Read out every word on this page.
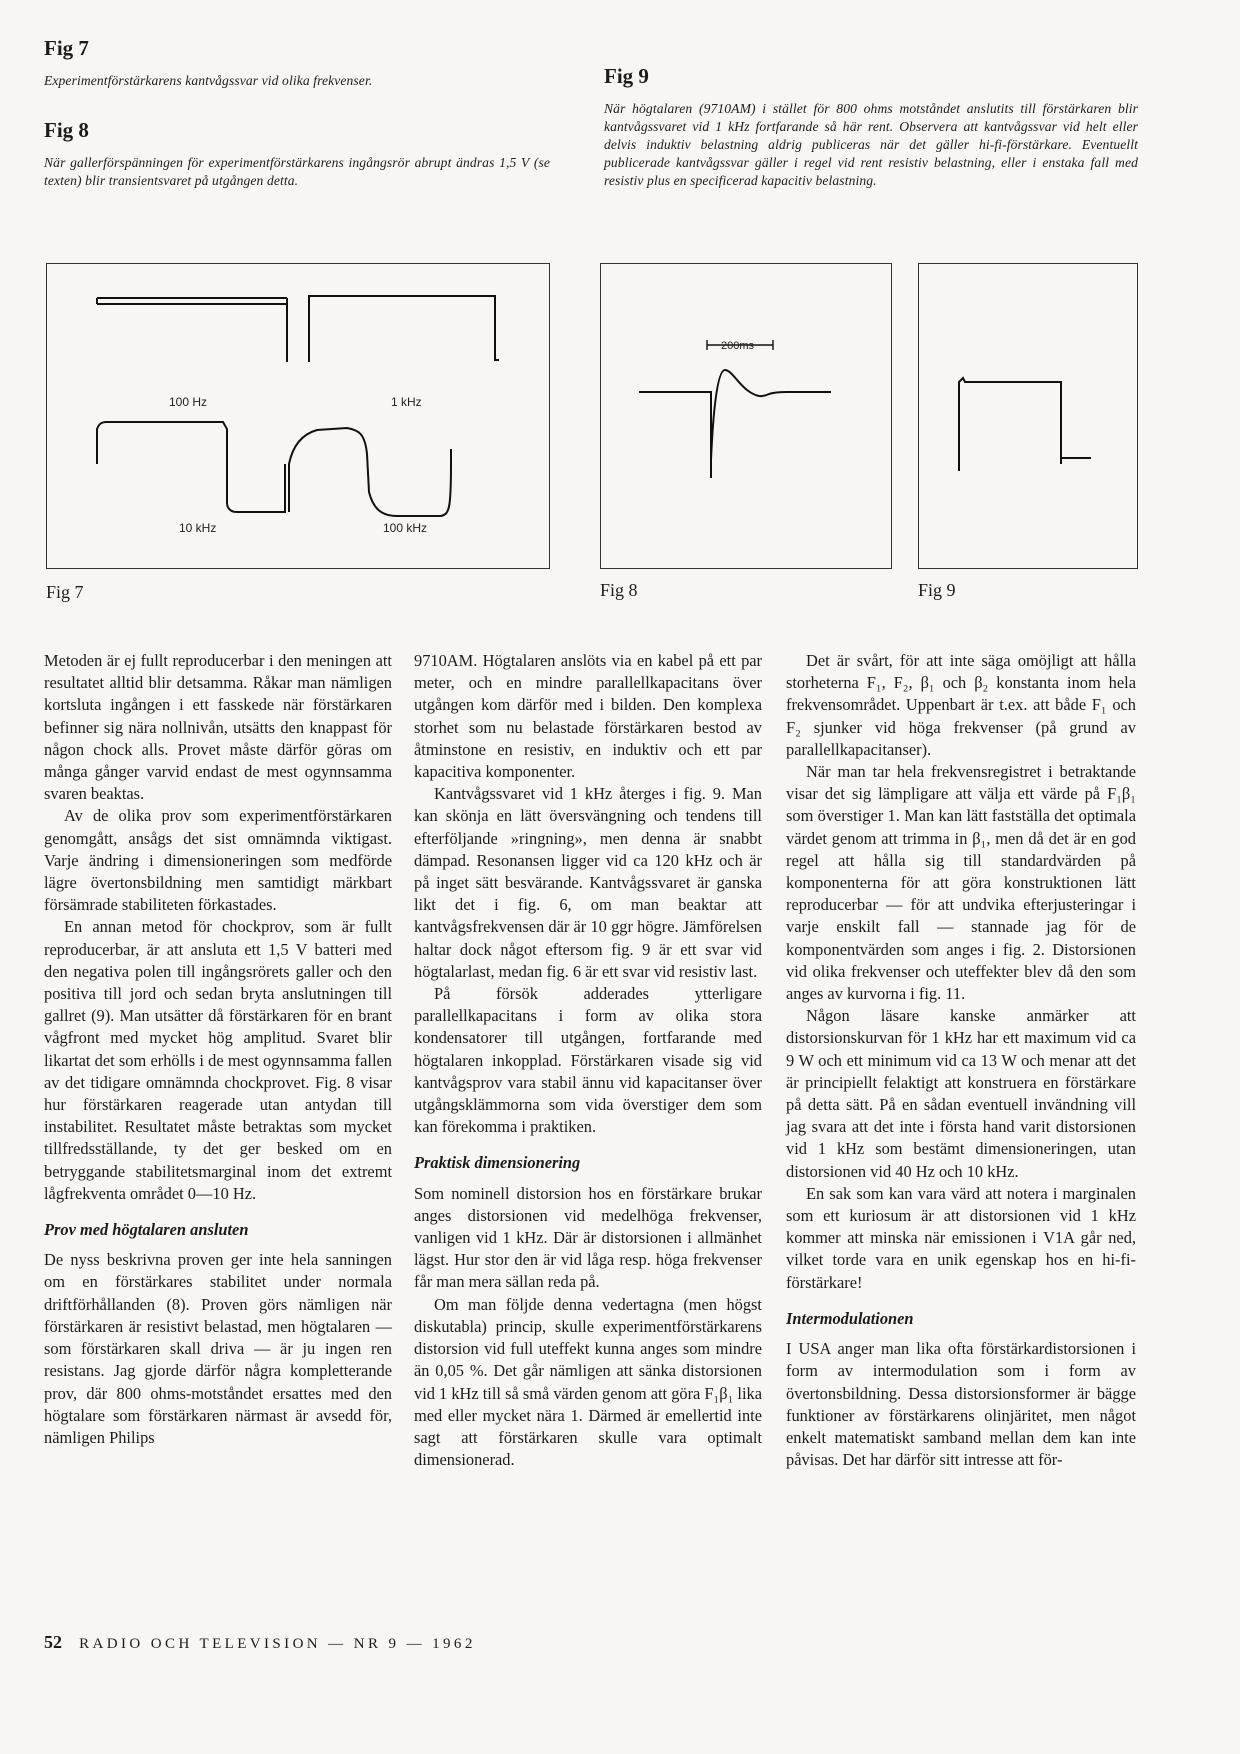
Fig 7

Experimentförstärkarens kantvågssvar vid olika frekvenser.

Fig 8

När gallerförspänningen för experimentförstärkarens ingångsrör abrupt ändras 1,5 V (se texten) blir transientsvaret på utgången detta.

Fig 9

När högtalaren (9710AM) i stället för 800 ohms motståndet anslutits till förstärkaren blir kantvågssvaret vid 1 kHz fortfarande så här rent. Observera att kantvågssvar vid helt eller delvis induktiv belastning aldrig publiceras när det gäller hi-fi-förstärkare. Eventuellt publicerade kantvågssvar gäller i regel vid rent resistiv belastning, eller i enstaka fall med resistiv plus en specificerad kapacitiv belastning.

100 Hz	1 kHz
10 kHz	100 kHz

Fig 7

200ms

Fig 8	Fig 9

Metoden är ej fullt reproducerbar i den meningen att resultatet alltid blir detsamma. Råkar man nämligen kortsluta ingången i ett fasskede när förstärkaren befinner sig nära nollnivån, utsätts den knappast för någon chock alls. Provet måste därför göras om många gånger varvid endast de mest ogynnsamma svaren beaktas.

Av de olika prov som experimentförstärkaren genomgått, ansågs det sist omnämnda viktigast. Varje ändring i dimensioneringen som medförde lägre övertonsbildning men samtidigt märkbart försämrade stabiliteten förkastades.

En annan metod för chockprov, som är fullt reproducerbar, är att ansluta ett 1,5 V batteri med den negativa polen till ingångsrörets galler och den positiva till jord och sedan bryta anslutningen till gallret (9). Man utsätter då förstärkaren för en brant vågfront med mycket hög amplitud. Svaret blir likartat det som erhölls i de mest ogynnsamma fallen av det tidigare omnämnda chockprovet. Fig. 8 visar hur förstärkaren reagerade utan antydan till instabilitet. Resultatet måste betraktas som mycket tillfredsställande, ty det ger besked om en betryggande stabilitetsmarginal inom det extremt lågfrekventa området 0—10 Hz.

Prov med högtalaren ansluten

De nyss beskrivna proven ger inte hela sanningen om en förstärkares stabilitet under normala driftförhållanden (8). Proven görs nämligen när förstärkaren är resistivt belastad, men högtalaren — som förstärkaren skall driva — är ju ingen ren resistans. Jag gjorde därför några kompletterande prov, där 800 ohms-motståndet ersattes med den högtalare som förstärkaren närmast är avsedd för, nämligen Philips

9710AM. Högtalaren anslöts via en kabel på ett par meter, och en mindre parallellkapacitans över utgången kom därför med i bilden. Den komplexa storhet som nu belastade förstärkaren bestod av åtminstone en resistiv, en induktiv och ett par kapacitiva komponenter.

Kantvågssvaret vid 1 kHz återges i fig. 9. Man kan skönja en lätt översvängning och tendens till efterföljande »ringning», men denna är snabbt dämpad. Resonansen ligger vid ca 120 kHz och är på inget sätt besvärande. Kantvågssvaret är ganska likt det i fig. 6, om man beaktar att kantvågsfrekvensen där är 10 ggr högre. Jämförelsen haltar dock något eftersom fig. 9 är ett svar vid högtalarlast, medan fig. 6 är ett svar vid resistiv last.

På försök adderades ytterligare parallellkapacitans i form av olika stora kondensatorer till utgången, fortfarande med högtalaren inkopplad. Förstärkaren visade sig vid kantvågsprov vara stabil ännu vid kapacitanser över utgångsklämmorna som vida överstiger dem som kan förekomma i praktiken.

Praktisk dimensionering

Som nominell distorsion hos en förstärkare brukar anges distorsionen vid medelhöga frekvenser, vanligen vid 1 kHz. Där är distorsionen i allmänhet lägst. Hur stor den är vid låga resp. höga frekvenser får man mera sällan reda på.

Om man följde denna vedertagna (men högst diskutabla) princip, skulle experimentförstärkarens distorsion vid full uteffekt kunna anges som mindre än 0,05 %. Det går nämligen att sänka distorsionen vid 1 kHz till så små värden genom att göra F₁β₁ lika med eller mycket nära 1. Därmed är emellertid inte sagt att förstärkaren skulle vara optimalt dimensionerad.

Det är svårt, för att inte säga omöjligt att hålla storheterna F₁, F₂, β₁ och β₂ konstanta inom hela frekvensområdet. Uppenbart är t.ex. att både F₁ och F₂ sjunker vid höga frekvenser (på grund av parallellkapacitanser).

När man tar hela frekvensregistret i betraktande visar det sig lämpligare att välja ett värde på F₁β₁ som överstiger 1. Man kan lätt fastställa det optimala värdet genom att trimma in β₁, men då det är en god regel att hålla sig till standardvärden på komponenterna för att göra konstruktionen lätt reproducerbar — för att undvika efterjusteringar i varje enskilt fall — stannade jag för de komponentvärden som anges i fig. 2. Distorsionen vid olika frekvenser och uteffekter blev då den som anges av kurvorna i fig. 11.

Någon läsare kanske anmärker att distorsionskurvan för 1 kHz har ett maximum vid ca 9 W och ett minimum vid ca 13 W och menar att det är principiellt felaktigt att konstruera en förstärkare på detta sätt. På en sådan eventuell invändning vill jag svara att det inte i första hand varit distorsionen vid 1 kHz som bestämt dimensioneringen, utan distorsionen vid 40 Hz och 10 kHz.

En sak som kan vara värd att notera i marginalen som ett kuriosum är att distorsionen vid 1 kHz kommer att minska när emissionen i V1A går ned, vilket torde vara en unik egenskap hos en hi-fi-förstärkare!

Intermodulationen

I USA anger man lika ofta förstärkardistorsionen i form av intermodulation som i form av övertonsbildning. Dessa distorsionsformer är bägge funktioner av förstärkarens olinjäritet, men något enkelt matematiskt samband mellan dem kan inte påvisas. Det har därför sitt intresse att för-

52 RADIO OCH TELEVISION — NR 9 — 1962
